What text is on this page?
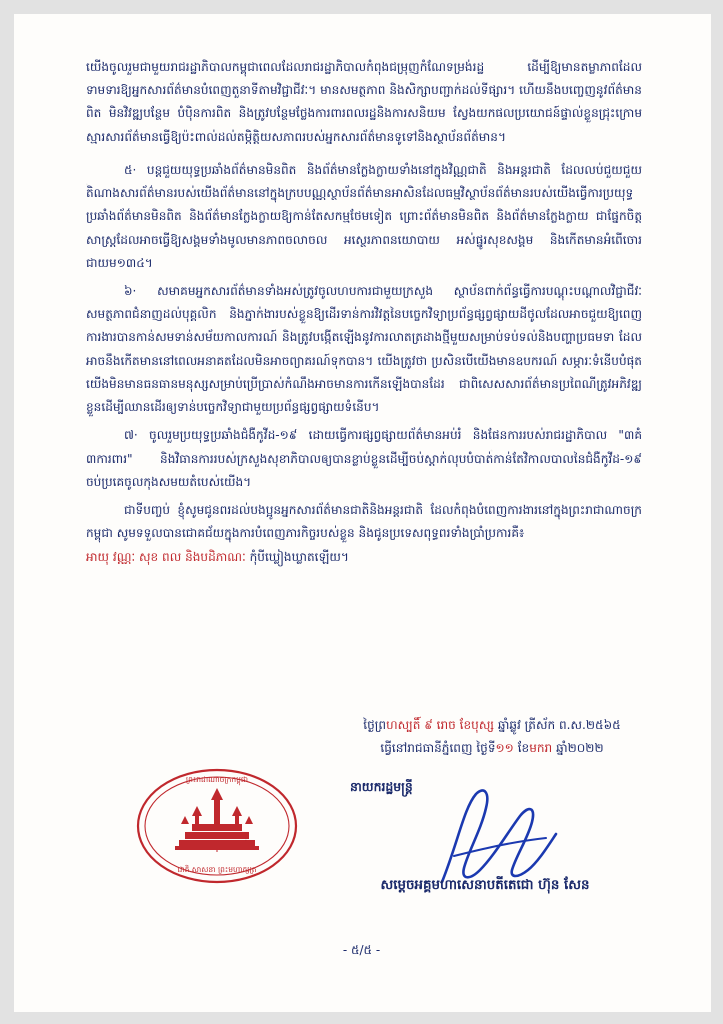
យើងចូលរួមជាមួយរាជរដ្ឋាភិបាលកម្ពុជាពេលដែលរាជរដ្ឋាភិបាលកំពុងជម្រុញកំណែទម្រង់រដ្ឋ ដើម្បីឱ្យមានតម្លាភាពដែលទាមទារឱ្យអ្នកសារព័ត៌មានបំពេញតួនាទីតាមវិជ្ជាជីវៈ។ មានសមត្ថភាព និងសិក្សាបញ្ជាក់ដល់ទីផ្សារ។ ហើយនឹងបញ្ចេញនូវព័ត៌មានពិត មិនវិវឌ្ឍបន្ថែម បំប៉ិនការពិត និងត្រូវបន្ថែមថ្លែងការពារពលរដ្ឋនិងការសនិយម ស្វែងយកផលប្រយោជន៍ផ្ទាល់ខ្លួនជ្រុះក្រោមស្មារសារព័ត៌មានធ្វើឱ្យប៉ះពាល់ដល់តម្កិត្តិយសភាពរបស់អ្នកសារព័ត៌មានទូទៅនិងស្ថាប័នព័ត៌មាន។

៥· បន្តជួយយុទ្ធប្រឆាំងព័ត៌មានមិនពិត និងព័ត៌មានក្លែងក្លាយទាំងនៅក្នុងវិណ្ណជាតិ និងអន្តរជាតិ ដែលលប់ជួយជួយ តិណាងសារព័ត៌មានរបស់យើងព័ត៌មាននៅក្នុងក្របបណ្ណស្ថាប័នព័ត៌មានអាសិនដែលធម្មវិស្ថាប័នព័ត៌មានរបស់យើងធ្វើការប្រយុទ្ធប្រឆាំងព័ត៌មានមិនពិត និងព័ត៌មានក្លែងក្លាយឱ្យកាន់តែសកម្មថែមទៀត ព្រោះព័ត៌មានមិនពិត និងព័ត៌មានក្លែងក្លាយ ជាផ្នែកចិត្តសាស្ត្រដែលអាចធ្វើឱ្យសង្គមទាំងមូលមានភាពចលាចល អស្ថេរភាពនយោបាយ អស់ផ្នូរសុខសង្គម និងកើតមានអំពើចោរជាយម១៣៤។

៦· សមាគមអ្នកសារព័ត៌មានទាំងអស់ត្រូវចូលហបការជាមួយក្រសួង ស្ថាប័នពាក់ព័ន្ធធ្វើការបណ្ដុះបណ្ដាលវិជ្ជាជីវៈ សមត្ថភាពជំនាញដល់បុគ្គលិក និងភ្នាក់ងារបស់ខ្លួនឱ្យដើរទាន់ការវិវត្តនៃបច្ចេកវិទ្យាប្រព័ន្ធផ្សព្វផ្សាយដីថូលដែលអាចជួយឱ្យពេញការងារបានកាន់សមទាន់សម័យកាលការណ៍ និងត្រូវបង្កើតឡើងនូវការលាតត្រដាងថ្មីមួយសម្រាប់ទប់ទល់និងបញ្ហាប្រធមទា ដែលអាចនឹងកើតមាននៅពេលអនាគតដែលមិនអាចព្យាគរណ៍ទុកបាន។ យើងត្រូវថា ប្រសិនបើយើងមានឧបករណ៍ សម្ភារៈទំនើបបំផុតយើងមិនមានធនធានមនុស្សសម្រាប់ប្រើប្រាស់កំណឹងអាចមានការកើនឡើងបានដែរ ជាពិសេសសារព័ត៌មានប្រពៃណីត្រូវអភិវឌ្ឍខ្លួនដើម្បីឈានដើរឲ្យទាន់បច្ចេកវិទ្យាជាមួយប្រព័ន្ធផ្សព្វផ្សាយទំនើប។

៧· ចូលរួមប្រយុទ្ធប្រឆាំងជំងឺកូវីដ-១៩ ដោយធ្វើការផ្សព្វផ្សាយព័ត៌មានអប់រំ និងផែនការរបស់រាជរដ្ឋាភិបាល "៣គំ ៣ការពារ" និងវិធានការរបស់ក្រសួងសុខាភិបាលឲ្យបានខ្លាប់ខ្លួនដើម្បីចប់ស្តាក់លុបបំបាត់កាន់តែវិកាលបាលនៃជំងឺកូវីដ-១៩ ចប់ប្រគេចូលកុងសមយតំបេស់យើង។

ជាទីបញ្ចប់ ខ្ញុំសូមជូនពរដល់បងប្អូនអ្នកសារព័ត៌មានជាតិនិងអន្តរជាតិ ដែលកំពុងបំពេញការងារនៅក្នុងព្រះរាជាណាចក្រកម្ពុជា សូមទទួលបានជោគជ័យក្នុងការបំពេញភារកិច្ចរបស់ខ្លួន និងជូនប្រទេសពុទ្ធពរទាំងប្រាំប្រការគឺ៖

អាយុ វណ្ណៈ សុខ ពល និងបដិភាណៈ កុំបីឃ្លៀងឃ្លាតឡើយ។

ថ្ងៃព្រហស្បតិ៍ ៩ រោច ខែបុស្ស ឆ្នាំឆ្លូវ ត្រីស័ក ព.ស.២៥៦៥
ធ្វើនៅរាជធានីភ្នំពេញ ថ្ងៃទី១១ ខែមករា ឆ្នាំ២០២២
នាយករដ្ឋមន្ត្រី
ព្រះរាជាណាចក្រកម្ពុជា
ជាតិ សាសនា ព្រះមហាក្សត្រ
សម្ដេចអគ្គមហាសេនាបតីតេជោ ហ៊ុន សែន
- ៥/៥ -
